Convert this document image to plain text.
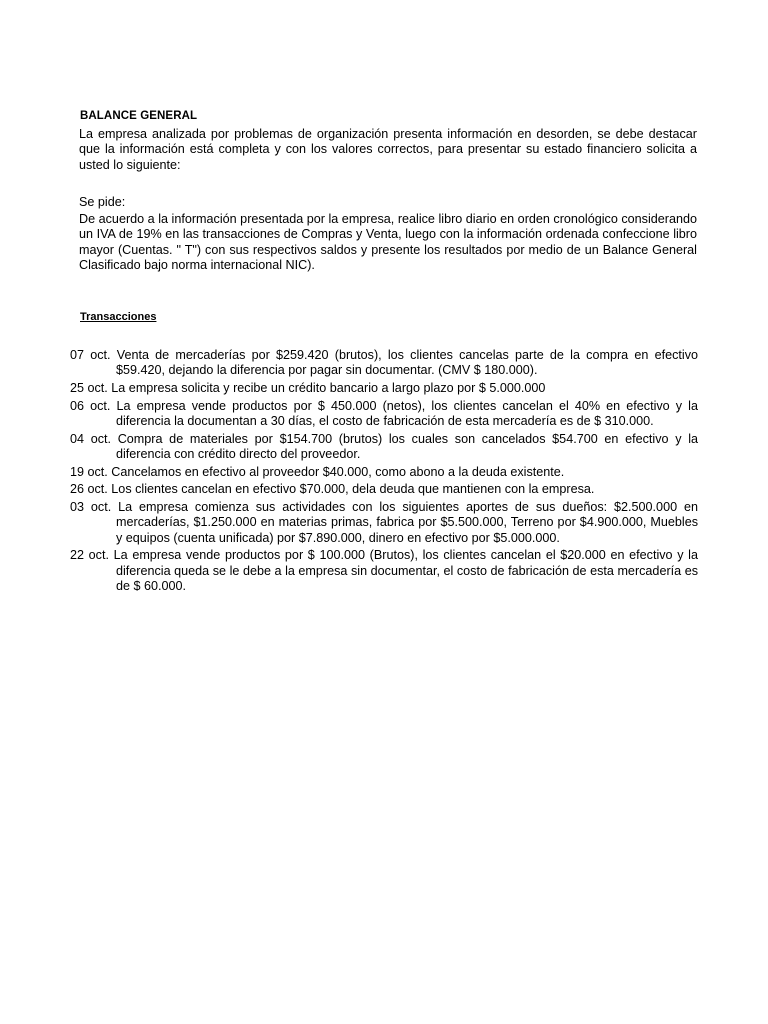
BALANCE GENERAL
La empresa analizada por problemas de organización presenta información en desorden, se debe destacar que la información está completa y con los valores correctos, para presentar su estado financiero solicita a usted lo siguiente:
Se pide:
De acuerdo a la información presentada por la empresa, realice libro diario en orden cronológico considerando un IVA de 19% en las transacciones de Compras y Venta, luego con la información ordenada confeccione libro mayor (Cuentas. " T") con sus respectivos saldos y presente los resultados por medio de un Balance General Clasificado bajo norma internacional NIC).
Transacciones
07 oct. Venta de mercaderías por $259.420 (brutos), los clientes cancelas parte de la compra en efectivo $59.420, dejando la diferencia por pagar sin documentar. (CMV $ 180.000).
25 oct. La empresa solicita y recibe un crédito bancario a largo plazo por $ 5.000.000
06 oct. La empresa vende productos por $ 450.000 (netos), los clientes cancelan el 40% en efectivo y la diferencia la documentan a 30 días, el costo de fabricación de esta mercadería es de $ 310.000.
04 oct. Compra de materiales por $154.700 (brutos) los cuales son cancelados $54.700 en efectivo y la diferencia con crédito directo del proveedor.
19 oct. Cancelamos en efectivo al proveedor $40.000, como abono a la deuda existente.
26 oct. Los clientes cancelan en efectivo $70.000, dela deuda que mantienen con la empresa.
03 oct. La empresa comienza sus actividades con los siguientes aportes de sus dueños: $2.500.000 en mercaderías, $1.250.000 en materias primas, fabrica por $5.500.000, Terreno por $4.900.000, Muebles y equipos (cuenta unificada) por $7.890.000, dinero en efectivo por $5.000.000.
22 oct. La empresa vende productos por $ 100.000 (Brutos), los clientes cancelan el $20.000 en efectivo y la diferencia queda se le debe a la empresa sin documentar, el costo de fabricación de esta mercadería es de $ 60.000.
